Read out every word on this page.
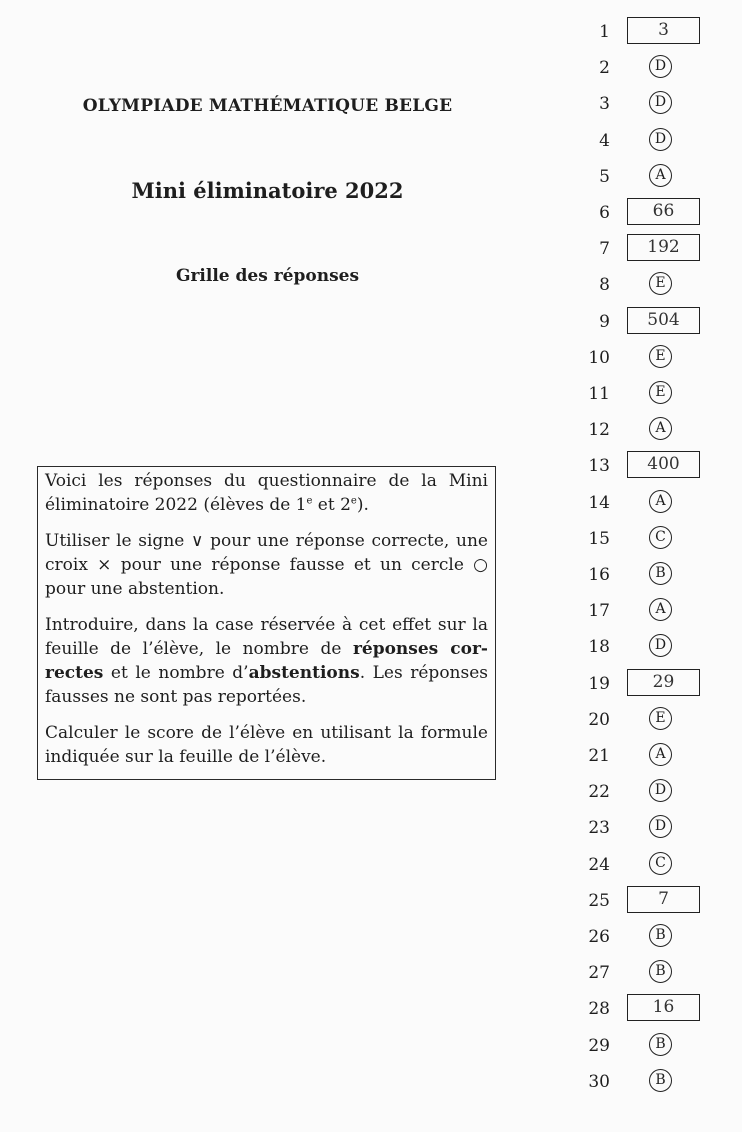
OLYMPIADE MATHÉMATIQUE BELGE
Mini éliminatoire 2022
Grille des réponses

Voici les réponses du questionnaire de la Mini éliminatoire 2022 (élèves de 1e et 2e).

Utiliser le signe ∨ pour une réponse correcte, une croix × pour une réponse fausse et un cercle ○ pour une abstention.

Introduire, dans la case réservée à cet effet sur la feuille de l’élève, le nombre de réponses correctes et le nombre d’abstentions. Les réponses fausses ne sont pas reportées.

Calculer le score de l’élève en utilisant la formule indiquée sur la feuille de l’élève.

1	3
2	D
3	D
4	D
5	A
6	66
7	192
8	E
9	504
10	E
11	E
12	A
13	400
14	A
15	C
16	B
17	A
18	D
19	29
20	E
21	A
22	D
23	D
24	C
25	7
26	B
27	B
28	16
29	B
30	B
